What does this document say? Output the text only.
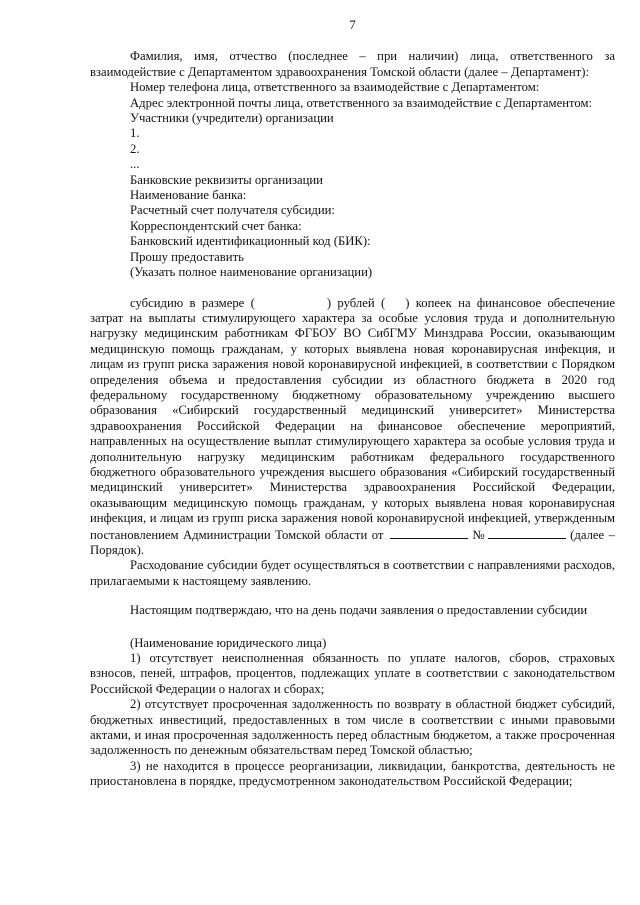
7

Фамилия, имя, отчество (последнее – при наличии) лица, ответственного за взаимодействие с Департаментом здравоохранения Томской области (далее – Департамент):

Номер телефона лица, ответственного за взаимодействие с Департаментом:

Адрес электронной почты лица, ответственного за взаимодействие с Департаментом:

Участники (учредители) организации

1.

2.

...

Банковские реквизиты организации

Наименование банка:

Расчетный счет получателя субсидии:

Корреспондентский счет банка:

Банковский идентификационный код (БИК):

Прошу предоставить

(Указать полное наименование организации)

субсидию в размере (	) рублей ( ) копеек на финансовое обеспечение затрат на выплаты стимулирующего характера за особые условия труда и дополнительную нагрузку медицинским работникам ФГБОУ ВО СибГМУ Минздрава России, оказывающим медицинскую помощь гражданам, у которых выявлена новая коронавирусная инфекция, и лицам из групп риска заражения новой коронавирусной инфекцией, в соответствии с Порядком определения объема и предоставления субсидии из областного бюджета в 2020 год федеральному государственному бюджетному образовательному учреждению высшего образования «Сибирский государственный медицинский университет» Министерства здравоохранения Российской Федерации на финансовое обеспечение мероприятий, направленных на осуществление выплат стимулирующего характера за особые условия труда и дополнительную нагрузку медицинским работникам федерального государственного бюджетного образовательного учреждения высшего образования «Сибирский государственный медицинский университет» Министерства здравоохранения Российской Федерации, оказывающим медицинскую помощь гражданам, у которых выявлена новая коронавирусная инфекция, и лицам из групп риска заражения новой коронавирусной инфекцией, утвержденным постановлением Администрации Томской области от	№	(далее – Порядок).

Расходование субсидии будет осуществляться в соответствии с направлениями расходов, прилагаемыми к настоящему заявлению.

Настоящим подтверждаю, что на день подачи заявления о предоставлении субсидии

(Наименование юридического лица)

1) отсутствует неисполненная обязанность по уплате налогов, сборов, страховых взносов, пеней, штрафов, процентов, подлежащих уплате в соответствии с законодательством Российской Федерации о налогах и сборах;

2) отсутствует просроченная задолженность по возврату в областной бюджет субсидий, бюджетных инвестиций, предоставленных в том числе в соответствии с иными правовыми актами, и иная просроченная задолженность перед областным бюджетом, а также просроченная задолженность по денежным обязательствам перед Томской областью;

3) не находится в процессе реорганизации, ликвидации, банкротства, деятельность не приостановлена в порядке, предусмотренном законодательством Российской Федерации;
